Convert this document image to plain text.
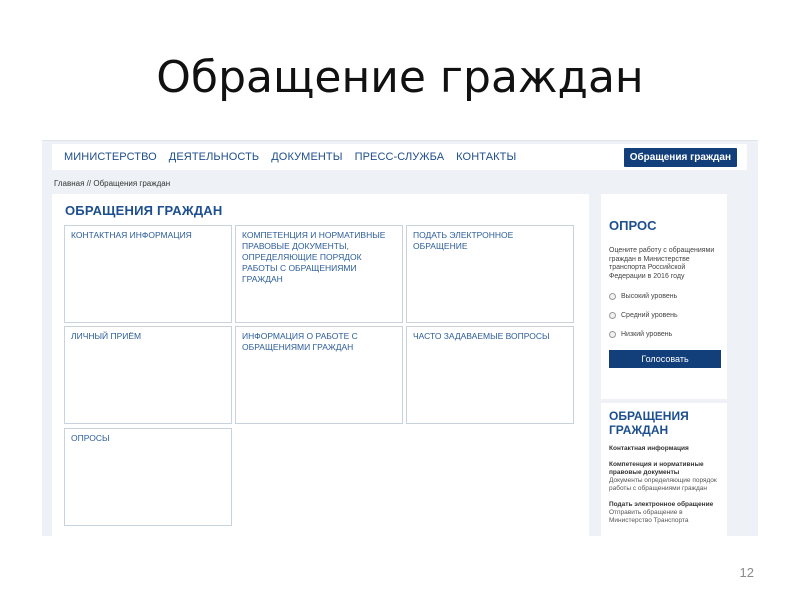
Обращение граждан
МИНИСТЕРСТВО ДЕЯТЕЛЬНОСТЬ ДОКУМЕНТЫ ПРЕСС-СЛУЖБА КОНТАКТЫ	Обращения граждан
Главная // Обращения граждан
ОБРАЩЕНИЯ ГРАЖДАН
КОНТАКТНАЯ ИНФОРМАЦИЯ	КОМПЕТЕНЦИЯ И НОРМАТИВНЫЕ ПРАВОВЫЕ ДОКУМЕНТЫ, ОПРЕДЕЛЯЮЩИЕ ПОРЯДОК РАБОТЫ С ОБРАЩЕНИЯМИ ГРАЖДАН
ПОДАТЬ ЭЛЕКТРОННОЕ ОБРАЩЕНИЕ
ЛИЧНЫЙ ПРИЁМ	ИНФОРМАЦИЯ О РАБОТЕ С ОБРАЩЕНИЯМИ ГРАЖДАН
ЧАСТО ЗАДАВАЕМЫЕ ВОПРОСЫ
ОПРОСЫ
ОПРОС
Оцените работу с обращениями граждан в Министерстве транспорта Российской Федерации в 2016 году
Высокий уровень
Средний уровень
Низкий уровень
Голосовать
ОБРАЩЕНИЯ ГРАЖДАН
Контактная информация
Компетенция и нормативные правовые документы
Документы определяющие порядок работы с обращениями граждан
Подать электронное обращение
Отправить обращение в Министерство Транспорта
12
